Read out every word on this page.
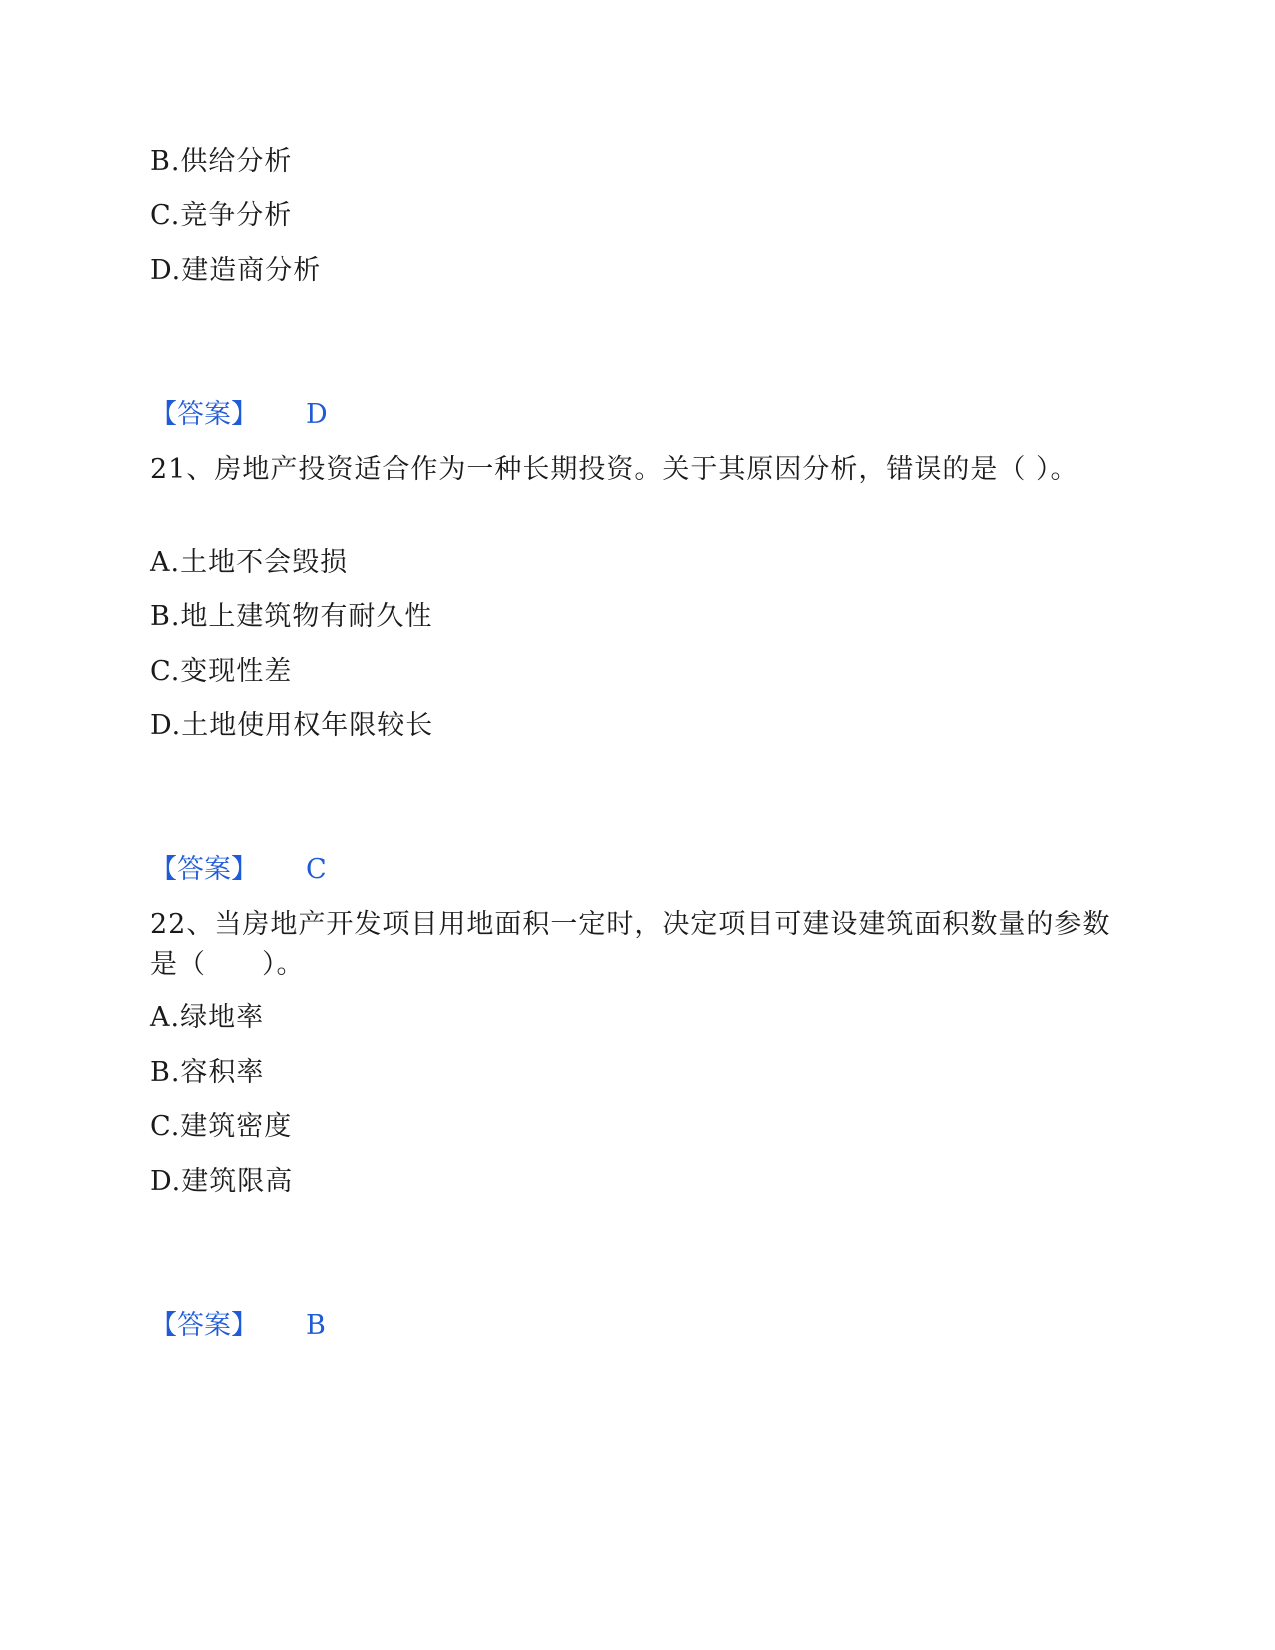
B.供给分析
C.竞争分析
D.建造商分析
【答案】 D
21、房地产投资适合作为一种长期投资。关于其原因分析，错误的是（ ）。
A.土地不会毁损
B.地上建筑物有耐久性
C.变现性差
D.土地使用权年限较长
【答案】 C
22、当房地产开发项目用地面积一定时，决定项目可建设建筑面积数量的参数是（　　）。
A.绿地率
B.容积率
C.建筑密度
D.建筑限高
【答案】 B
